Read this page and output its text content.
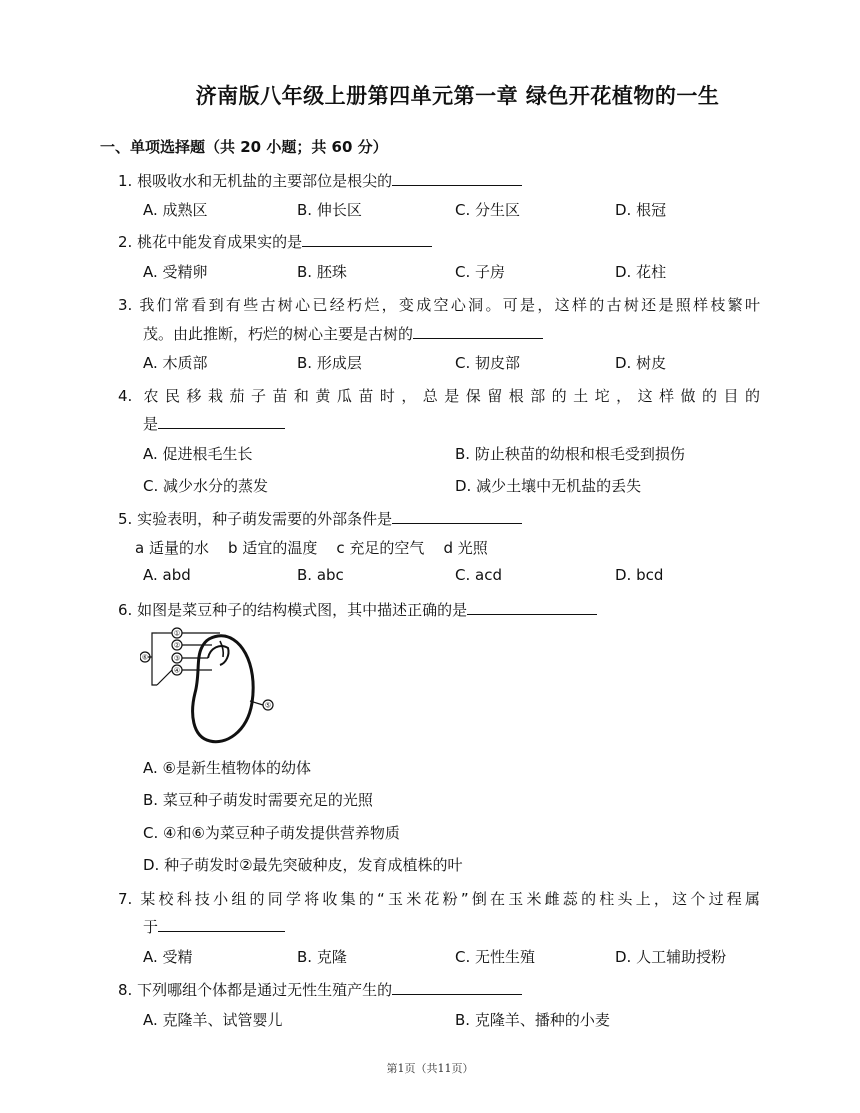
济南版八年级上册第四单元第一章 绿色开花植物的一生
一、单项选择题（共 20 小题；共 60 分）
1. 根吸收水和无机盐的主要部位是根尖的
A. 成熟区	B. 伸长区	C. 分生区	D. 根冠
2. 桃花中能发育成果实的是
A. 受精卵	B. 胚珠	C. 子房	D. 花柱
3. 我们常看到有些古树心已经朽烂，变成空心洞。可是，这样的古树还是照样枝繁叶
茂。由此推断，朽烂的树心主要是古树的
A. 木质部	B. 形成层	C. 韧皮部	D. 树皮
4. 农民移栽茄子苗和黄瓜苗时，总是保留根部的土坨，这样做的目的
是
A. 促进根毛生长	B. 防止秧苗的幼根和根毛受到损伤
C. 减少水分的蒸发	D. 减少土壤中无机盐的丢失
5. 实验表明，种子萌发需要的外部条件是
a 适量的水    b 适宜的温度    c 充足的空气    d 光照
A. abd	B. abc	C. acd	D. bcd
6. 如图是菜豆种子的结构模式图，其中描述正确的是
①
②
③
④
⑤
⑥
A. ⑥是新生植物体的幼体
B. 菜豆种子萌发时需要充足的光照
C. ④和⑥为菜豆种子萌发提供营养物质
D. 种子萌发时②最先突破种皮，发育成植株的叶
7. 某校科技小组的同学将收集的“玉米花粉”倒在玉米雌蕊的柱头上，这个过程属
于
A. 受精	B. 克隆	C. 无性生殖	D. 人工辅助授粉
8. 下列哪组个体都是通过无性生殖产生的
A. 克隆羊、试管婴儿	B. 克隆羊、播种的小麦
第1页（共11页）
